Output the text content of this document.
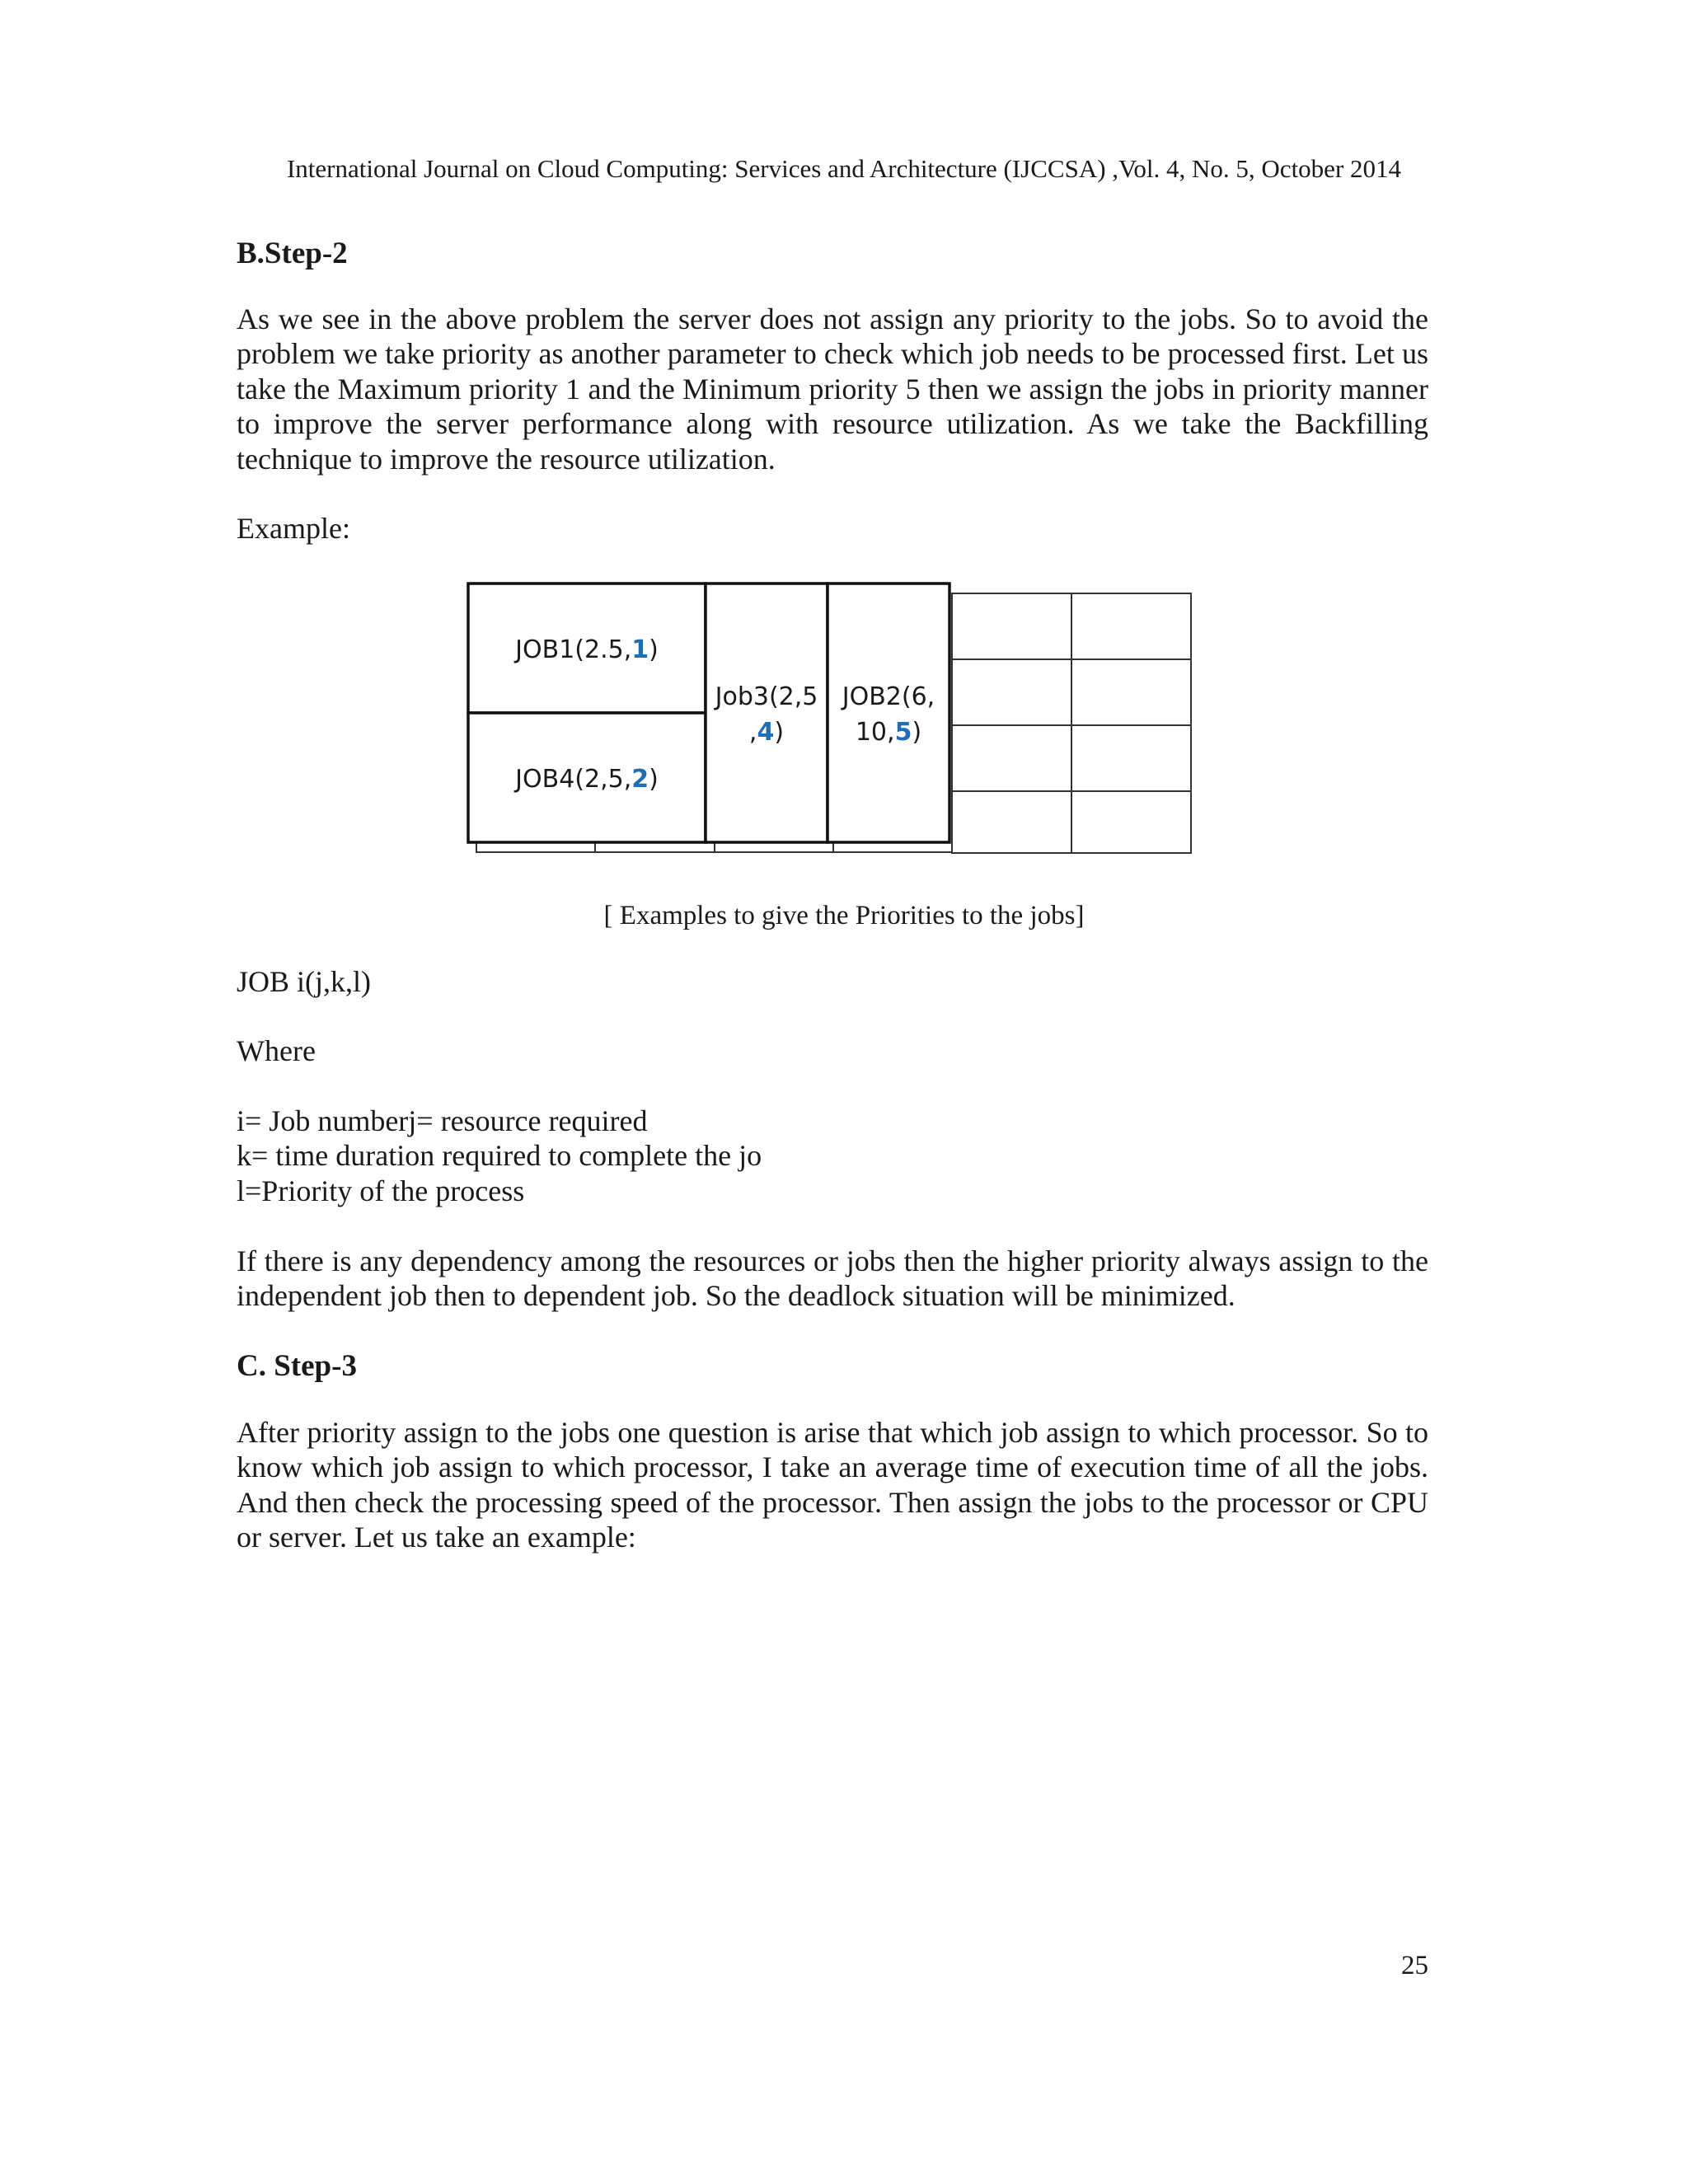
International Journal on Cloud Computing: Services and Architecture (IJCCSA) ,Vol. 4, No. 5, October 2014
B.Step-2
As we see in the above problem the server does not assign any priority to the jobs. So to avoid the problem we take priority as another parameter to check which job needs to be processed first. Let us take the Maximum priority 1 and the Minimum priority 5 then we assign the jobs in priority manner to improve the server performance along with resource utilization. As we take the Backfilling technique to improve the resource utilization.
Example:
JOB1(2.5,1)
JOB4(2,5,2)
Job3(2,5
,4)
JOB2(6,
10,5)
[ Examples to give the Priorities to the jobs]
JOB i(j,k,l)
Where
i= Job numberj= resource required
k= time duration required to complete the jo
l=Priority of the process
If there is any dependency among the resources or jobs then the higher priority always assign to the independent job then to dependent job. So the deadlock situation will be minimized.
C. Step-3
After priority assign to the jobs one question is arise that which job assign to which processor. So to know which job assign to which processor, I take an average time of execution time of all the jobs. And then check the processing speed of the processor. Then assign the jobs to the processor or CPU or server. Let us take an example:
25
